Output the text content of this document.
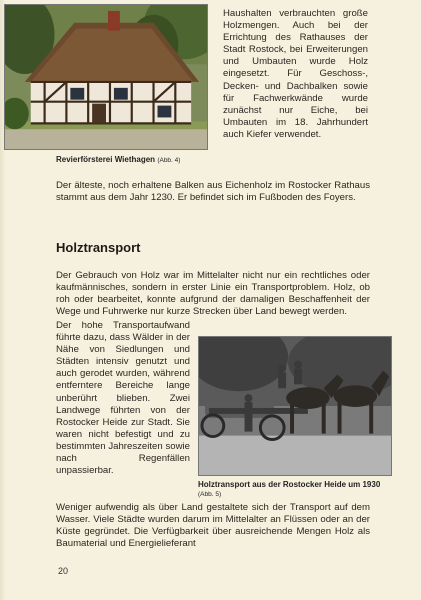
Revierförsterei Wiethagen (Abb. 4)

Haushalten verbrauchten große Holzmengen. Auch bei der Errichtung des Rathauses der Stadt Rostock, bei Erweiterungen und Umbauten wurde Holz eingesetzt. Für Geschoss-, Decken- und Dachbalken sowie für Fachwerkwände wurde zunächst nur Eiche, bei Umbauten im 18. Jahrhundert auch Kiefer verwendet.

Der älteste, noch erhaltene Balken aus Eichenholz im Rostocker Rathaus stammt aus dem Jahr 1230. Er befindet sich im Fußboden des Foyers.

Holztransport

Der Gebrauch von Holz war im Mittelalter nicht nur ein rechtliches oder kaufmännisches, sondern in erster Linie ein Transportproblem. Holz, ob roh oder bearbeitet, konnte aufgrund der damaligen Beschaffenheit der Wege und Fuhrwerke nur kurze Strecken über Land bewegt werden.

Der hohe Transportaufwand führte dazu, dass Wälder in der Nähe von Siedlungen und Städten intensiv genutzt und auch gerodet wurden, während entferntere Bereiche lange unberührt blieben. Zwei Landwege führten von der Rostocker Heide zur Stadt. Sie waren nicht befestigt und zu bestimmten Jahreszeiten sowie nach Regenfällen unpassierbar.

Holztransport aus der Rostocker Heide um 1930
(Abb. 5)

Weniger aufwendig als über Land gestaltete sich der Transport auf dem Wasser. Viele Städte wurden darum im Mittelalter an Flüssen oder an der Küste gegründet. Die Verfügbarkeit über ausreichende Mengen Holz als Baumaterial und Energielieferant

20
